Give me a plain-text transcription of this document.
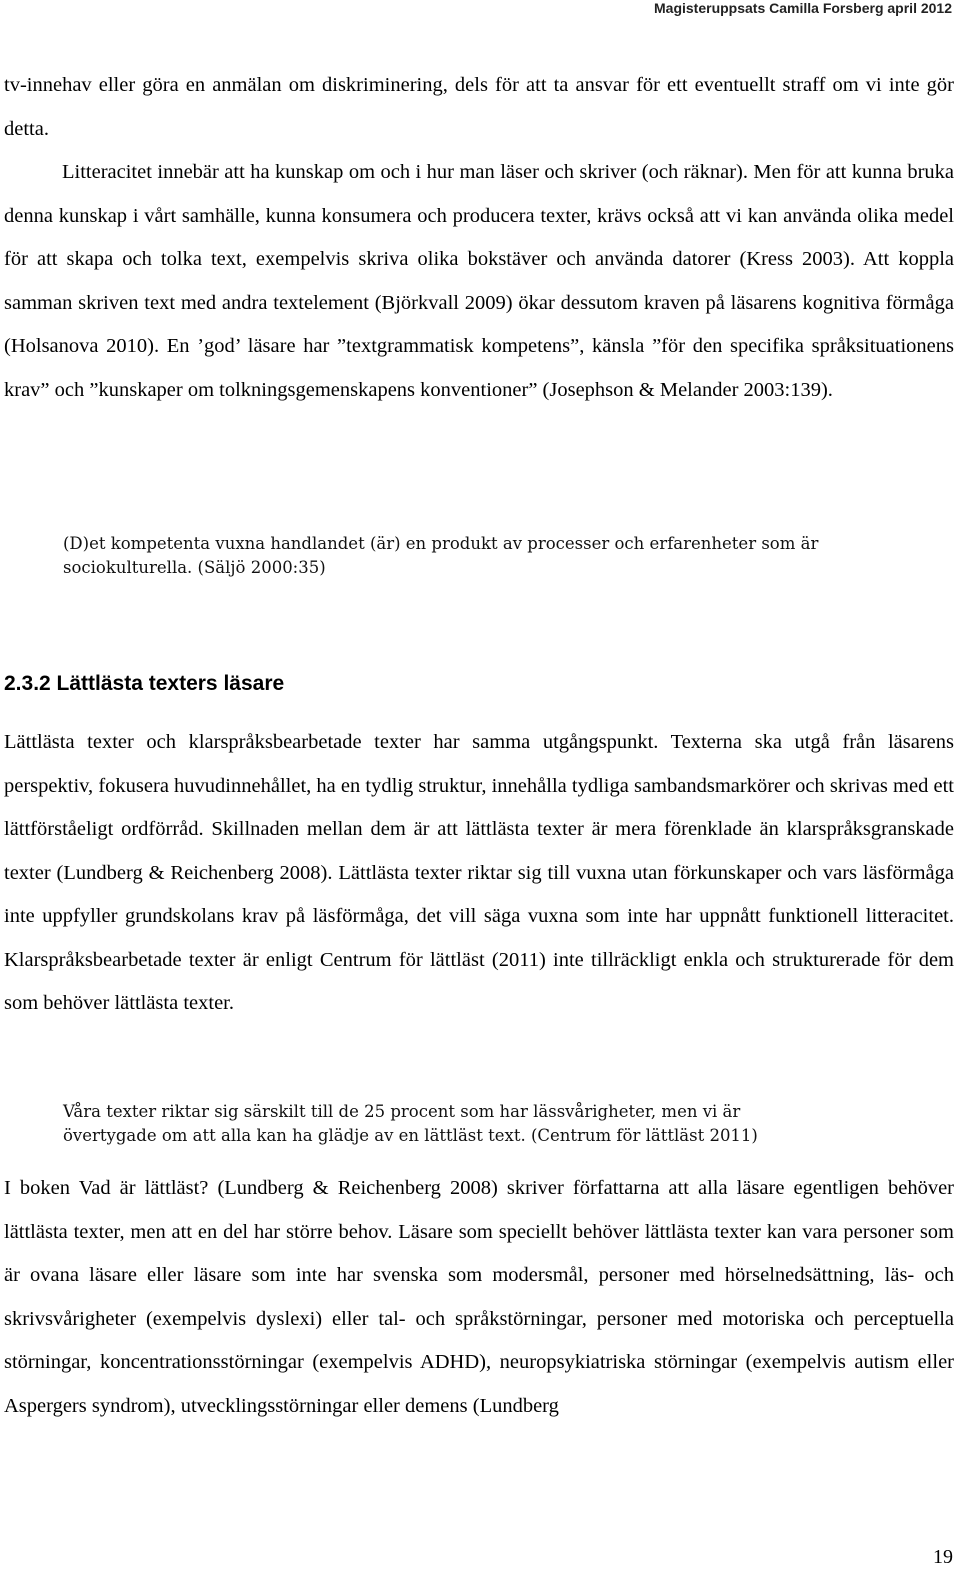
Magisteruppsats Camilla Forsberg april 2012

tv-innehav eller göra en anmälan om diskriminering, dels för att ta ansvar för ett eventuellt straff om vi inte gör detta.

Litteracitet innebär att ha kunskap om och i hur man läser och skriver (och räknar). Men för att kunna bruka denna kunskap i vårt samhälle, kunna konsumera och producera texter, krävs också att vi kan använda olika medel för att skapa och tolka text, exempelvis skriva olika bokstäver och använda datorer (Kress 2003). Att koppla samman skriven text med andra textelement (Björkvall 2009) ökar dessutom kraven på läsarens kognitiva förmåga (Holsanova 2010). En ’god’ läsare har ”textgrammatisk kompetens”, känsla ”för den specifika språksituationens krav” och ”kunskaper om tolkningsgemenskapens konventioner” (Josephson & Melander 2003:139).

(D)et kompetenta vuxna handlandet (är) en produkt av processer och erfarenheter som är sociokulturella. (Säljö 2000:35)

2.3.2 Lättlästa texters läsare

Lättlästa texter och klarspråksbearbetade texter har samma utgångspunkt. Texterna ska utgå från läsarens perspektiv, fokusera huvudinnehållet, ha en tydlig struktur, innehålla tydliga sambandsmarkörer och skrivas med ett lättförståeligt ordförråd. Skillnaden mellan dem är att lättlästa texter är mera förenklade än klarspråksgranskade texter (Lundberg & Reichenberg 2008). Lättlästa texter riktar sig till vuxna utan förkunskaper och vars läsförmåga inte uppfyller grundskolans krav på läsförmåga, det vill säga vuxna som inte har uppnått funktionell litteracitet. Klarspråksbearbetade texter är enligt Centrum för lättläst (2011) inte tillräckligt enkla och strukturerade för dem som behöver lättlästa texter.

Våra texter riktar sig särskilt till de 25 procent som har lässvårigheter, men vi är övertygade om att alla kan ha glädje av en lättläst text. (Centrum för lättläst 2011)

I boken Vad är lättläst? (Lundberg & Reichenberg 2008) skriver författarna att alla läsare egentligen behöver lättlästa texter, men att en del har större behov. Läsare som speciellt behöver lättlästa texter kan vara personer som är ovana läsare eller läsare som inte har svenska som modersmål, personer med hörselnedsättning, läs- och skrivsvårigheter (exempelvis dyslexi) eller tal- och språkstörningar, personer med motoriska och perceptuella störningar, koncentrationsstörningar (exempelvis ADHD), neuropsykiatriska störningar (exempelvis autism eller Aspergers syndrom), utvecklingsstörningar eller demens (Lundberg

19
